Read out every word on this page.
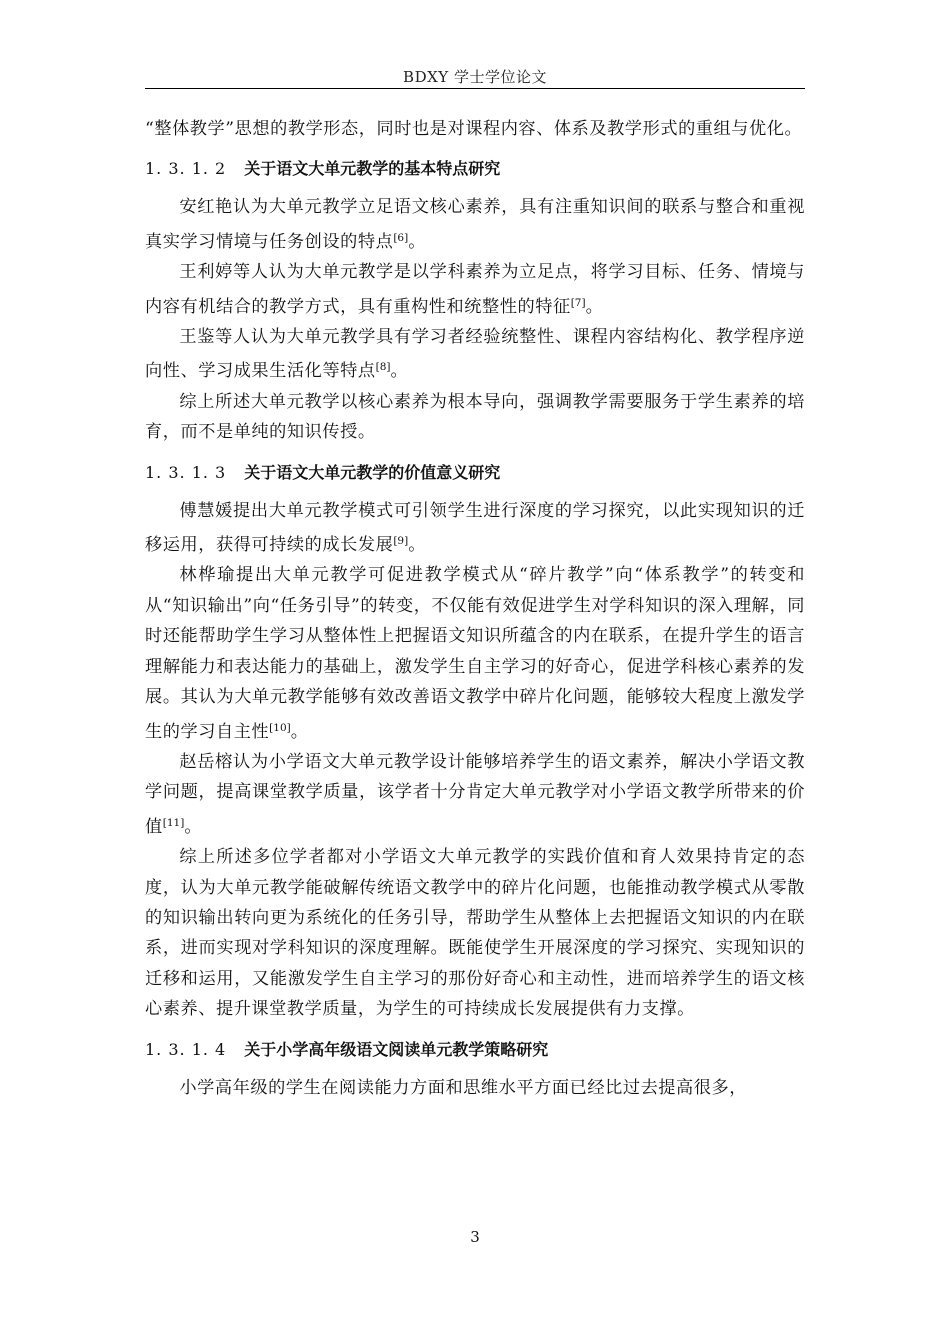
BDXY 学士学位论文

“整体教学”思想的教学形态，同时也是对课程内容、体系及教学形式的重组与优化。

1. 3. 1. 2 关于语文大单元教学的基本特点研究

安红艳认为大单元教学立足语文核心素养，具有注重知识间的联系与整合和重视真实学习情境与任务创设的特点[6]。

王利婷等人认为大单元教学是以学科素养为立足点，将学习目标、任务、情境与内容有机结合的教学方式，具有重构性和统整性的特征[7]。

王鉴等人认为大单元教学具有学习者经验统整性、课程内容结构化、教学程序逆向性、学习成果生活化等特点[8]。

综上所述大单元教学以核心素养为根本导向，强调教学需要服务于学生素养的培育，而不是单纯的知识传授。

1. 3. 1. 3 关于语文大单元教学的价值意义研究

傅慧媛提出大单元教学模式可引领学生进行深度的学习探究，以此实现知识的迁移运用，获得可持续的成长发展[9]。

林桦瑜提出大单元教学可促进教学模式从“碎片教学”向“体系教学”的转变和从“知识输出”向“任务引导”的转变，不仅能有效促进学生对学科知识的深入理解，同时还能帮助学生学习从整体性上把握语文知识所蕴含的内在联系，在提升学生的语言理解能力和表达能力的基础上，激发学生自主学习的好奇心，促进学科核心素养的发展。其认为大单元教学能够有效改善语文教学中碎片化问题，能够较大程度上激发学生的学习自主性[10]。

赵岳榕认为小学语文大单元教学设计能够培养学生的语文素养，解决小学语文教学问题，提高课堂教学质量，该学者十分肯定大单元教学对小学语文教学所带来的价值[11]。

综上所述多位学者都对小学语文大单元教学的实践价值和育人效果持肯定的态度，认为大单元教学能破解传统语文教学中的碎片化问题，也能推动教学模式从零散的知识输出转向更为系统化的任务引导，帮助学生从整体上去把握语文知识的内在联系，进而实现对学科知识的深度理解。既能使学生开展深度的学习探究、实现知识的迁移和运用，又能激发学生自主学习的那份好奇心和主动性，进而培养学生的语文核心素养、提升课堂教学质量，为学生的可持续成长发展提供有力支撑。

1. 3. 1. 4 关于小学高年级语文阅读单元教学策略研究

小学高年级的学生在阅读能力方面和思维水平方面已经比过去提高很多，

3
